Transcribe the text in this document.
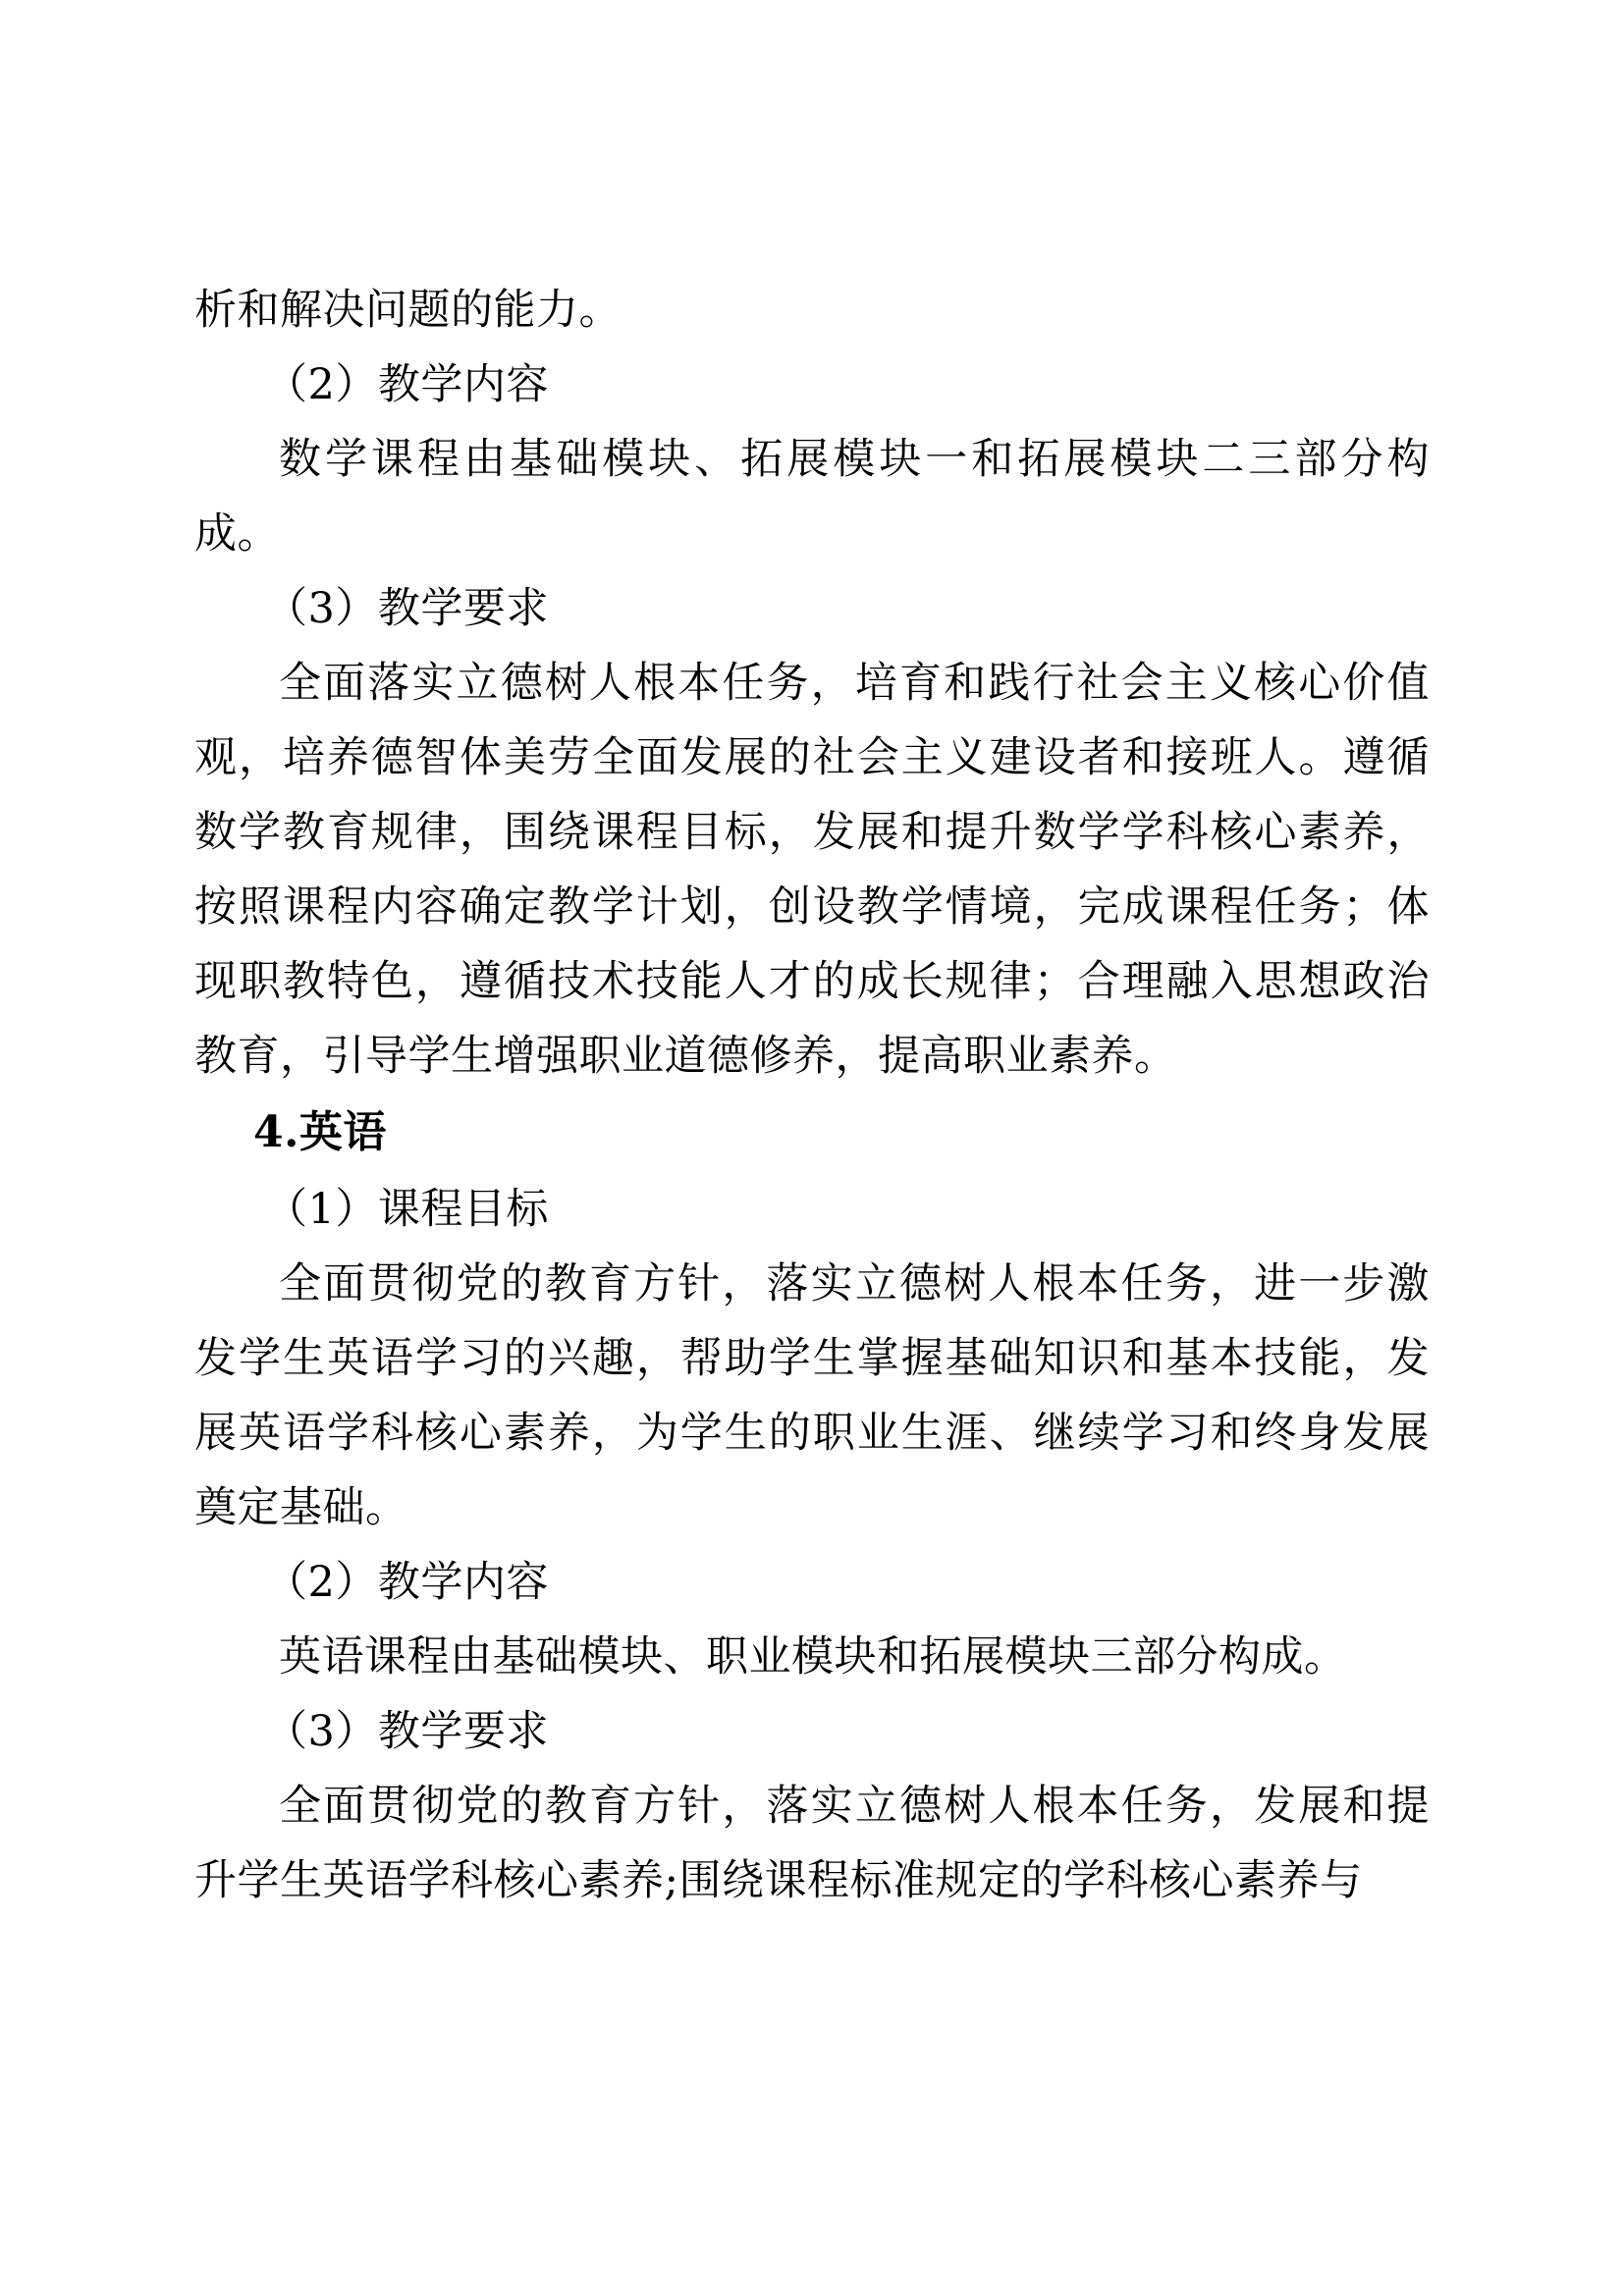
析和解决问题的能力。

（2）教学内容

数学课程由基础模块、拓展模块一和拓展模块二三部分构成。

（3）教学要求

全面落实立德树人根本任务，培育和践行社会主义核心价值观，培养德智体美劳全面发展的社会主义建设者和接班人。遵循数学教育规律，围绕课程目标，发展和提升数学学科核心素养，按照课程内容确定教学计划，创设教学情境，完成课程任务；体现职教特色，遵循技术技能人才的成长规律；合理融入思想政治教育，引导学生增强职业道德修养，提高职业素养。

4.英语

（1）课程目标

全面贯彻党的教育方针，落实立德树人根本任务，进一步激发学生英语学习的兴趣，帮助学生掌握基础知识和基本技能，发展英语学科核心素养，为学生的职业生涯、继续学习和终身发展奠定基础。

（2）教学内容

英语课程由基础模块、职业模块和拓展模块三部分构成。

（3）教学要求

全面贯彻党的教育方针，落实立德树人根本任务，发展和提升学生英语学科核心素养;围绕课程标准规定的学科核心素养与
